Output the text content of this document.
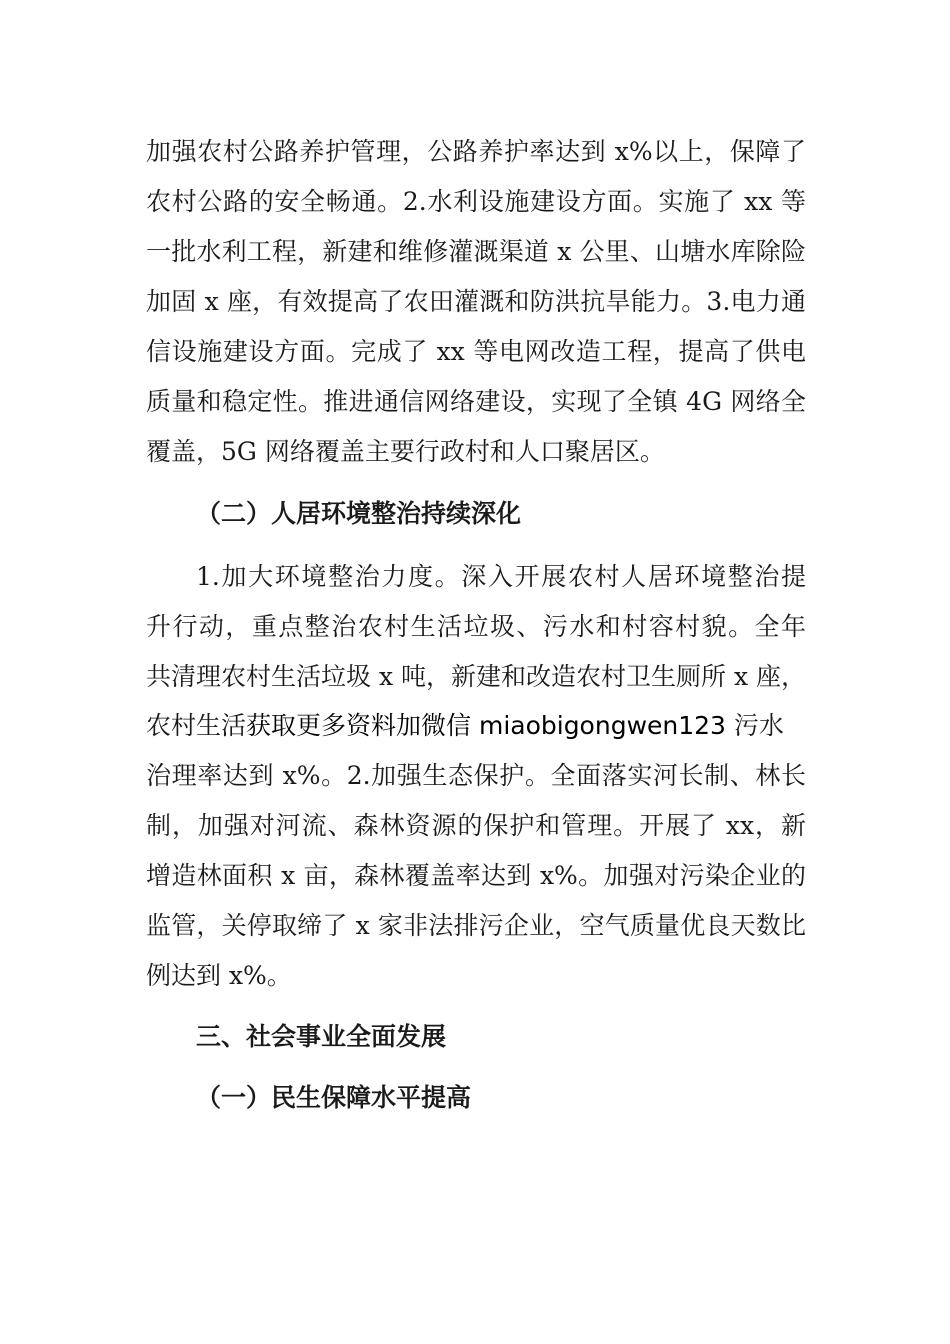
加强农村公路养护管理，公路养护率达到 x%以上，保障了
农村公路的安全畅通。2.水利设施建设方面。实施了 xx 等
一批水利工程，新建和维修灌溉渠道 x 公里、山塘水库除险
加固 x 座，有效提高了农田灌溉和防洪抗旱能力。3.电力通
信设施建设方面。完成了 xx 等电网改造工程，提高了供电
质量和稳定性。推进通信网络建设，实现了全镇 4G 网络全
覆盖，5G 网络覆盖主要行政村和人口聚居区。
（二）人居环境整治持续深化
1.加大环境整治力度。深入开展农村人居环境整治提
升行动，重点整治农村生活垃圾、污水和村容村貌。全年
共清理农村生活垃圾 x 吨，新建和改造农村卫生厕所 x 座，
农村生活获取更多资料加微信 miaobigongwen123 污水
治理率达到 x%。2.加强生态保护。全面落实河长制、林长
制，加强对河流、森林资源的保护和管理。开展了 xx，新
增造林面积 x 亩，森林覆盖率达到 x%。加强对污染企业的
监管，关停取缔了 x 家非法排污企业，空气质量优良天数比
例达到 x%。
三、社会事业全面发展
（一）民生保障水平提高
